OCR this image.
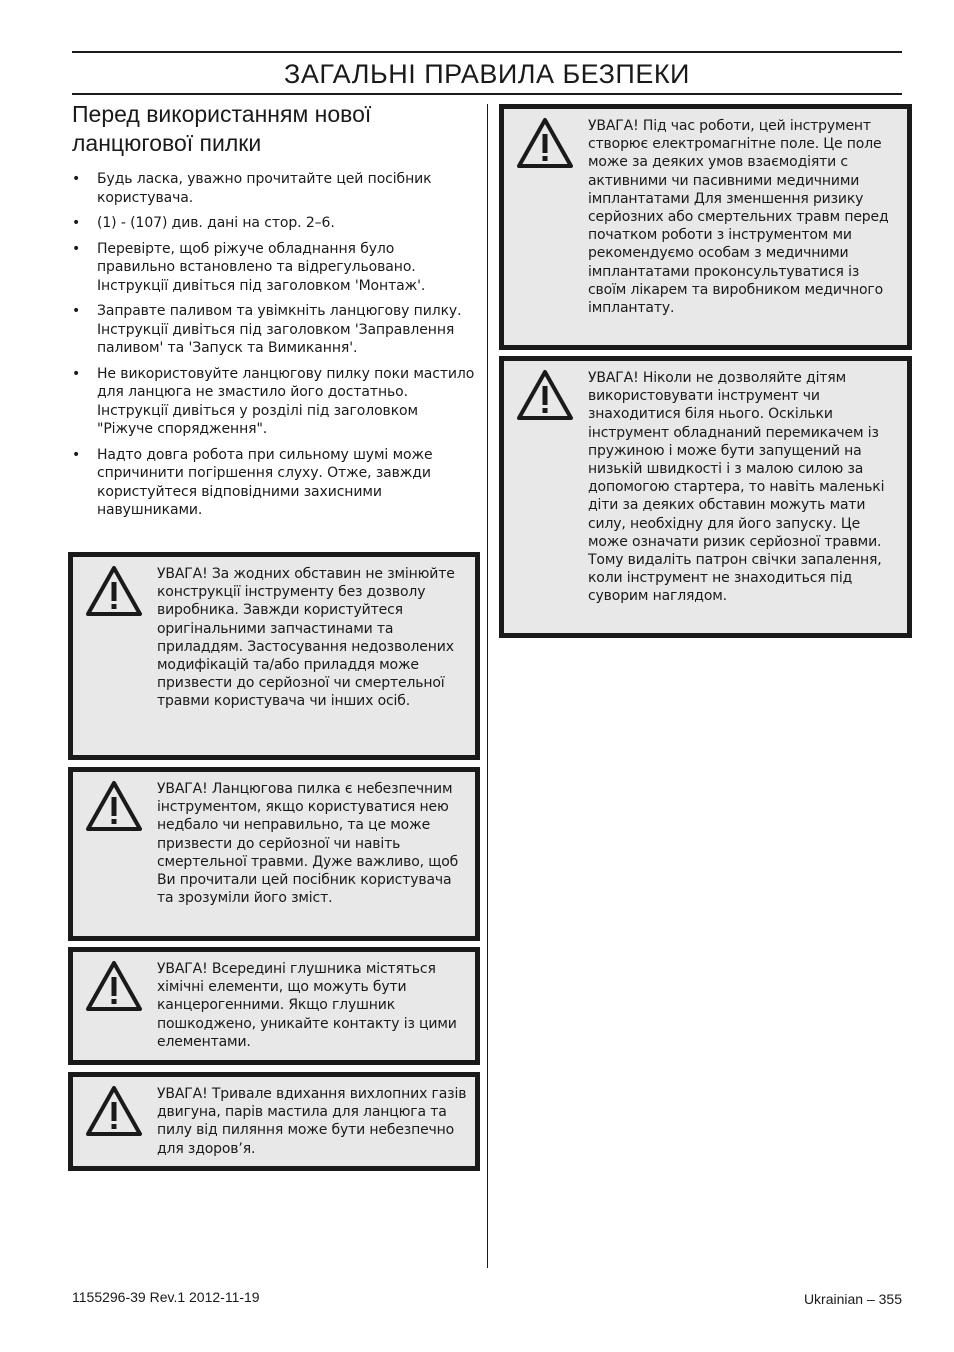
ЗАГАЛЬНІ ПРАВИЛА БЕЗПЕКИ
Перед використанням нової ланцюгової пилки
• Будь ласка, уважно прочитайте цей посібник користувача.
• (1) - (107) див. дані на стор. 2–6.
• Перевірте, щоб ріжуче обладнання було правильно встановлено та відрегульовано. Інструкції дивіться під заголовком 'Монтаж'.
• Заправте паливом та увімкніть ланцюгову пилку. Інструкції дивіться під заголовком 'Заправлення паливом' та 'Запуск та Вимикання'.
• Не використовуйте ланцюгову пилку поки мастило для ланцюга не змастило його достатньо. Інструкції дивіться у розділі під заголовком "Ріжуче спорядження".
• Надто довга робота при сильному шумі може спричинити погіршення слуху. Отже, завжди користуйтеся відповідними захисними навушниками.
УВАГА! За жодних обставин не змінюйте конструкції інструменту без дозволу виробника. Завжди користуйтеся оригінальними запчастинами та приладдям. Застосування недозволених модифікацій та/або приладдя може призвести до серйозної чи смертельної травми користувача чи інших осіб.
УВАГА! Ланцюгова пилка є небезпечним інструментом, якщо користуватися нею недбало чи неправильно, та це може призвести до серйозної чи навіть смертельної травми. Дуже важливо, щоб Ви прочитали цей посібник користувача та зрозуміли його зміст.
УВАГА! Всередині глушника містяться хімічні елементи, що можуть бути канцерогенними. Якщо глушник пошкоджено, уникайте контакту із цими елементами.
УВАГА! Тривале вдихання вихлопних газів двигуна, парів мастила для ланцюга та пилу від пиляння може бути небезпечно для здоров’я.
УВАГА! Під час роботи, цей інструмент створює електромагнітне поле. Це поле може за деяких умов взаємодіяти с активними чи пасивними медичними імплантатами Для зменшення ризику серйозних або смертельних травм перед початком роботи з інструментом ми рекомендуємо особам з медичними імплантатами проконсультуватися із своїм лікарем та виробником медичного імплантату.
УВАГА! Ніколи не дозволяйте дітям використовувати інструмент чи знаходитися біля нього. Оскільки інструмент обладнаний перемикачем із пружиною і може бути запущений на низькій швидкості і з малою силою за допомогою стартера, то навіть маленькі діти за деяких обставин можуть мати силу, необхідну для його запуску. Це може означати ризик серйозної травми. Тому видаліть патрон свічки запалення, коли інструмент не знаходиться під суворим наглядом.
1155296-39 Rev.1 2012-11-19	Ukrainian – 355
